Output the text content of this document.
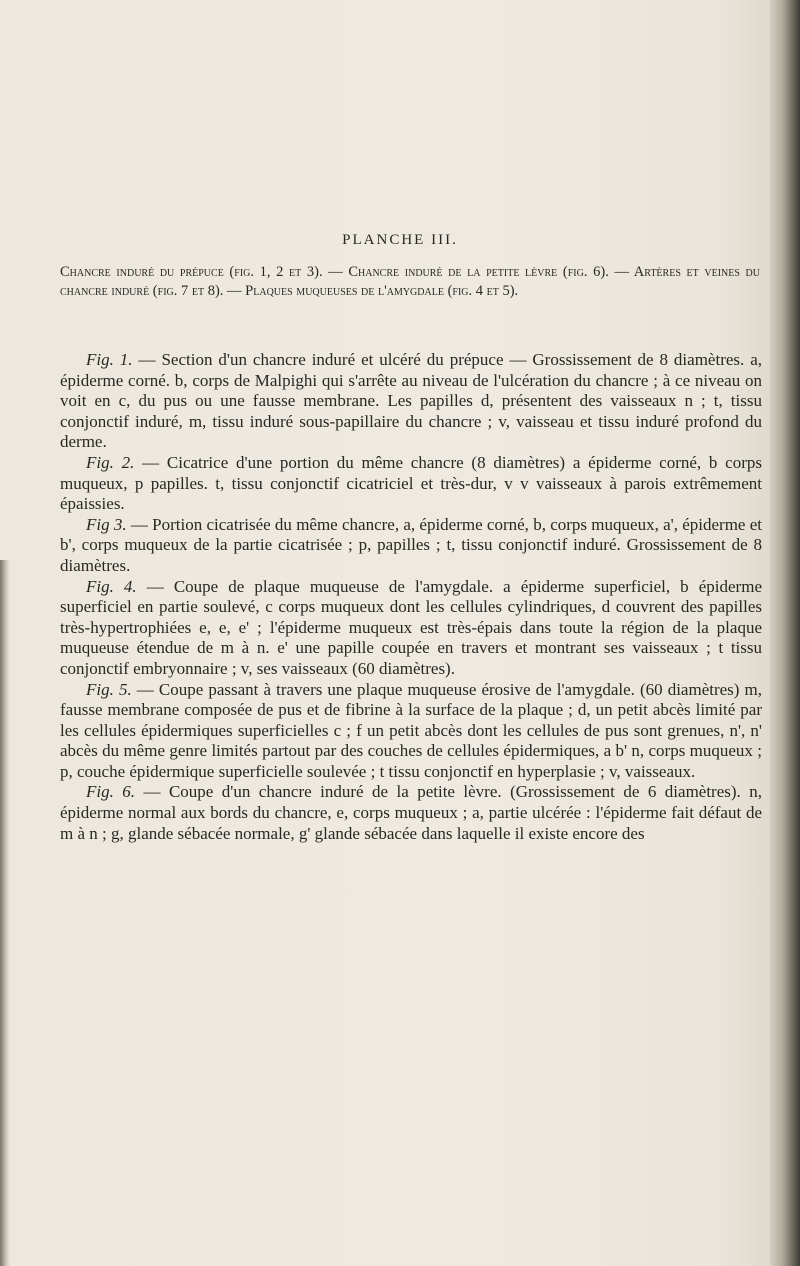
PLANCHE III.
Chancre induré du prépuce (fig. 1, 2 et 3). — Chancre induré de la petite lèvre (fig. 6). — Artères et veines du chancre induré (fig. 7 et 8). — Plaques muqueuses de l'amygdale (fig. 4 et 5).

Fig. 1. — Section d'un chancre induré et ulcéré du prépuce — Grossissement de 8 diamètres. a, épiderme corné. b, corps de Malpighi qui s'arrête au niveau de l'ulcération du chancre ; à ce niveau on voit en c, du pus ou une fausse membrane. Les papilles d, présentent des vaisseaux n ; t, tissu conjonctif induré, m, tissu induré sous-papillaire du chancre ; v, vaisseau et tissu induré profond du derme.

Fig. 2. — Cicatrice d'une portion du même chancre (8 diamètres) a épiderme corné, b corps muqueux, p papilles. t, tissu conjonctif cicatriciel et très-dur, v v vaisseaux à parois extrêmement épaissies.

Fig 3. — Portion cicatrisée du même chancre, a, épiderme corné, b, corps muqueux, a', épiderme et b', corps muqueux de la partie cicatrisée ; p, papilles ; t, tissu conjonctif induré. Grossissement de 8 diamètres.

Fig. 4. — Coupe de plaque muqueuse de l'amygdale. a épiderme superficiel, b épiderme superficiel en partie soulevé, c corps muqueux dont les cellules cylindriques, d couvrent des papilles très-hypertrophiées e, e, e' ; l'épiderme muqueux est très-épais dans toute la région de la plaque muqueuse étendue de m à n. e' une papille coupée en travers et montrant ses vaisseaux ; t tissu conjonctif embryonnaire ; v, ses vaisseaux (60 diamètres).

Fig. 5. — Coupe passant à travers une plaque muqueuse érosive de l'amygdale. (60 diamètres) m, fausse membrane composée de pus et de fibrine à la surface de la plaque ; d, un petit abcès limité par les cellules épidermiques superficielles c ; f un petit abcès dont les cellules de pus sont grenues, n', n' abcès du même genre limités partout par des couches de cellules épidermiques, a b' n, corps muqueux ; p, couche épidermique superficielle soulevée ; t tissu conjonctif en hyperplasie ; v, vaisseaux.

Fig. 6. — Coupe d'un chancre induré de la petite lèvre. (Grossissement de 6 diamètres). n, épiderme normal aux bords du chancre, e, corps muqueux ; a, partie ulcérée : l'épiderme fait défaut de m à n ; g, glande sébacée normale, g' glande sébacée dans laquelle il existe encore des
